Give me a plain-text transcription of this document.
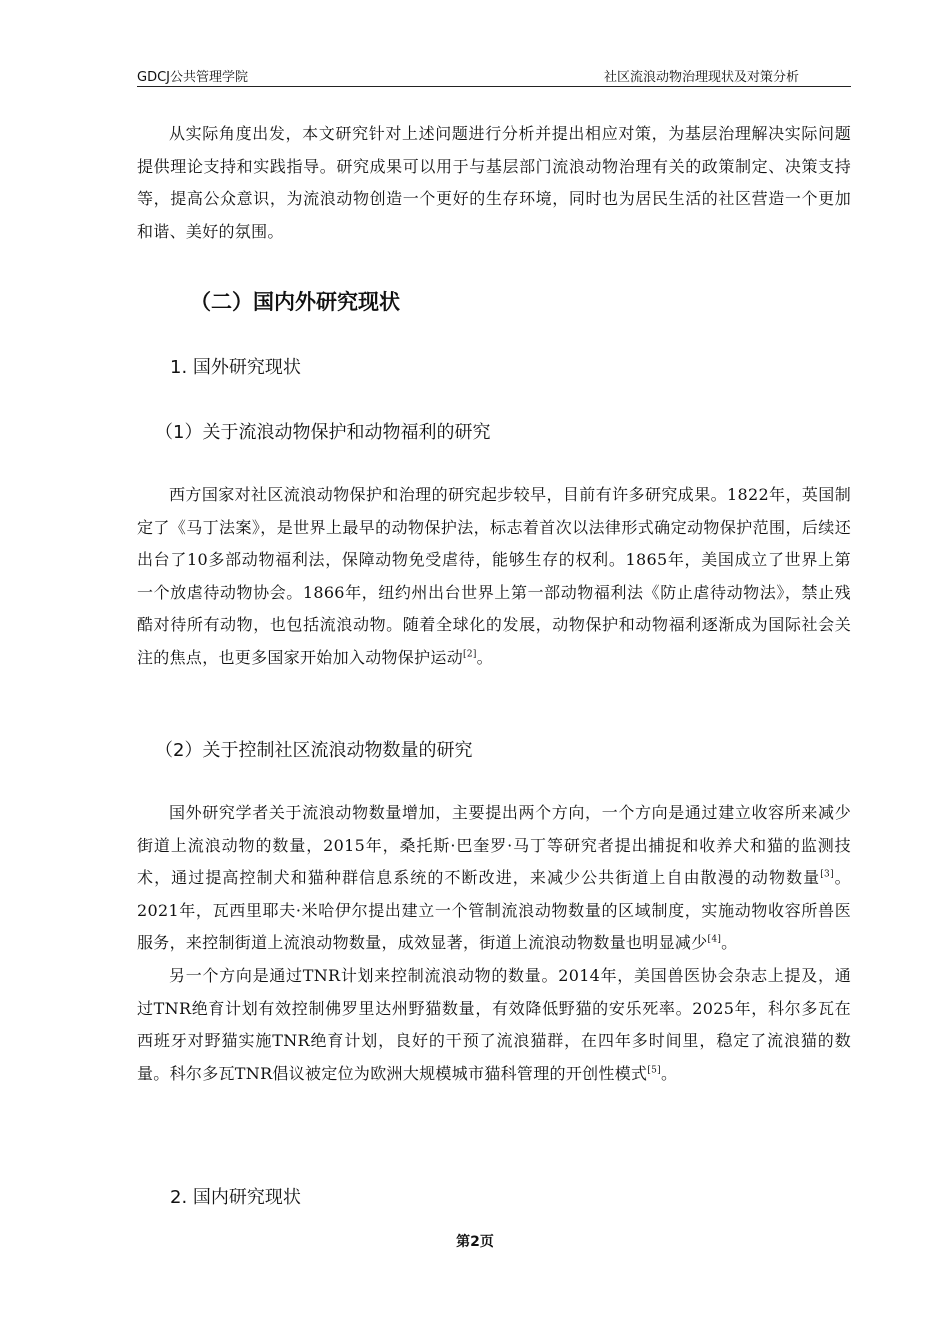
GDCJ公共管理学院	社区流浪动物治理现状及对策分析

从实际角度出发，本文研究针对上述问题进行分析并提出相应对策，为基层治理解决实际问题提供理论支持和实践指导。研究成果可以用于与基层部门流浪动物治理有关的政策制定、决策支持等，提高公众意识，为流浪动物创造一个更好的生存环境，同时也为居民生活的社区营造一个更加和谐、美好的氛围。

（二）国内外研究现状
1. 国外研究现状
（1）关于流浪动物保护和动物福利的研究

西方国家对社区流浪动物保护和治理的研究起步较早，目前有许多研究成果。1822年，英国制定了《马丁法案》，是世界上最早的动物保护法，标志着首次以法律形式确定动物保护范围，后续还出台了10多部动物福利法，保障动物免受虐待，能够生存的权利。1865年，美国成立了世界上第一个放虐待动物协会。1866年，纽约州出台世界上第一部动物福利法《防止虐待动物法》，禁止残酷对待所有动物，也包括流浪动物。随着全球化的发展，动物保护和动物福利逐渐成为国际社会关注的焦点，也更多国家开始加入动物保护运动[2]。

（2）关于控制社区流浪动物数量的研究

国外研究学者关于流浪动物数量增加，主要提出两个方向，一个方向是通过建立收容所来减少街道上流浪动物的数量，2015年，桑托斯·巴奎罗·马丁等研究者提出捕捉和收养犬和猫的监测技术，通过提高控制犬和猫种群信息系统的不断改进，来减少公共街道上自由散漫的动物数量[3]。2021年，瓦西里耶夫·米哈伊尔提出建立一个管制流浪动物数量的区域制度，实施动物收容所兽医服务，来控制街道上流浪动物数量，成效显著，街道上流浪动物数量也明显减少[4]。

另一个方向是通过TNR计划来控制流浪动物的数量。2014年，美国兽医协会杂志上提及，通过TNR绝育计划有效控制佛罗里达州野猫数量，有效降低野猫的安乐死率。2025年，科尔多瓦在西班牙对野猫实施TNR绝育计划，良好的干预了流浪猫群，在四年多时间里，稳定了流浪猫的数量。科尔多瓦TNR倡议被定位为欧洲大规模城市猫科管理的开创性模式[5]。

2. 国内研究现状
第2页
